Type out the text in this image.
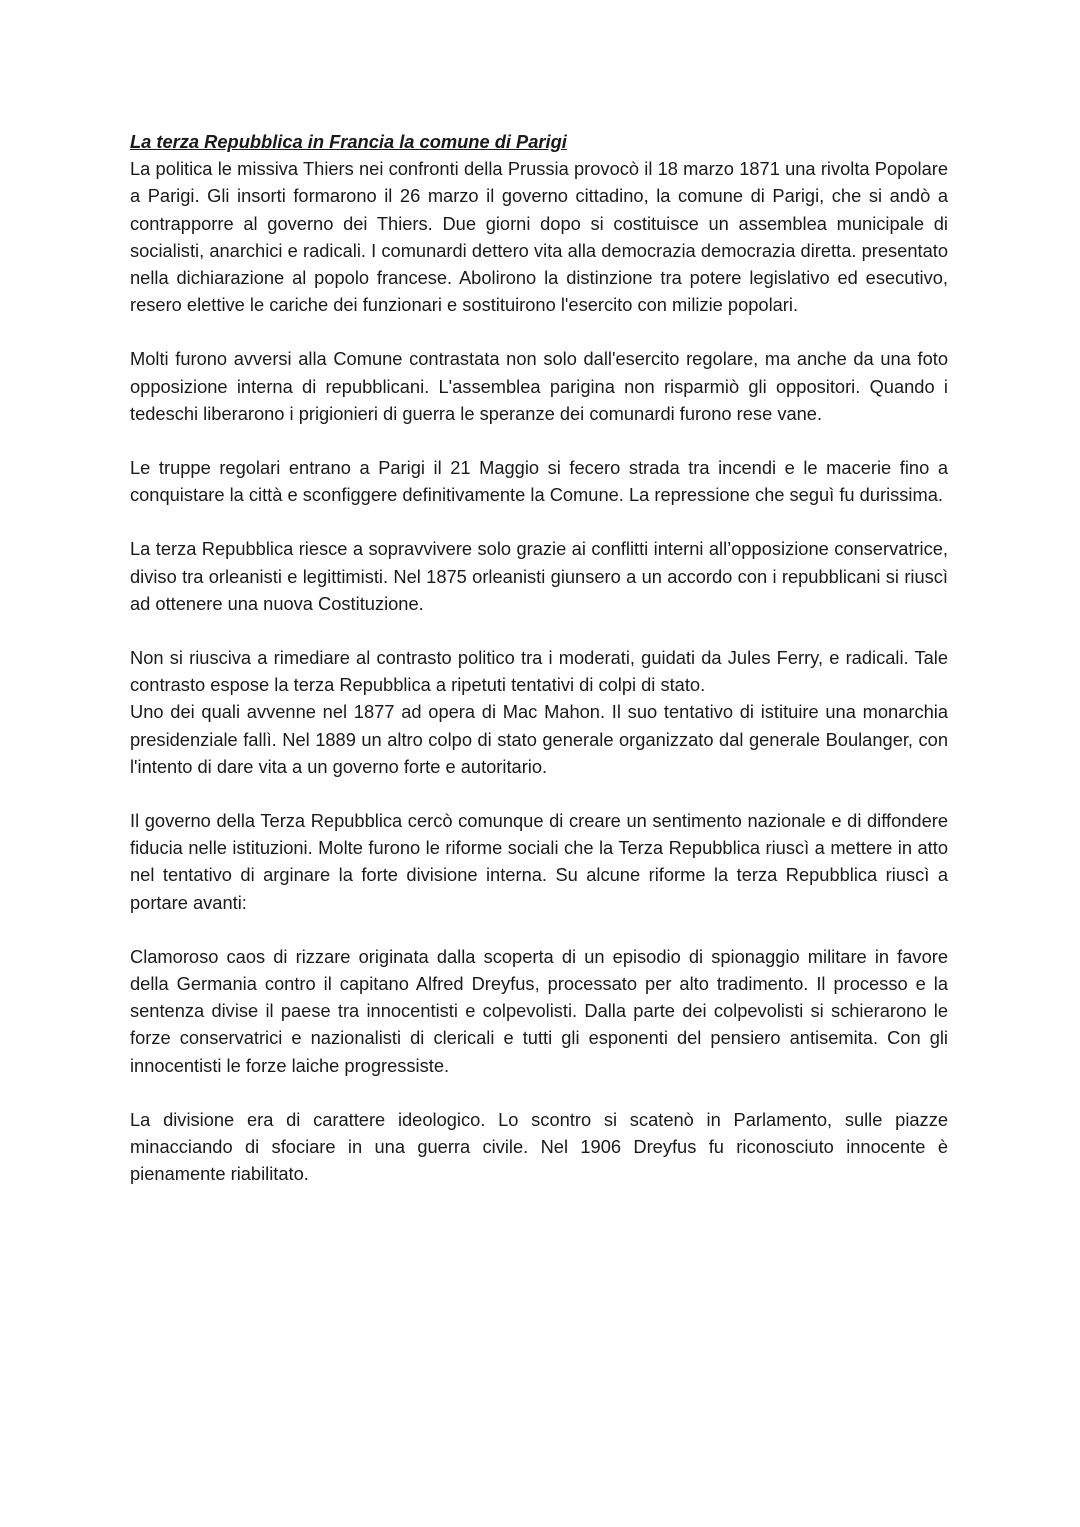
La terza Repubblica in Francia la comune di Parigi

La politica le missiva Thiers nei confronti della Prussia provocò il 18 marzo 1871 una rivolta Popolare a Parigi. Gli insorti formarono il 26 marzo il governo cittadino, la comune di Parigi, che si andò a contrapporre al governo dei Thiers. Due giorni dopo si costituisce un assemblea municipale di socialisti, anarchici e radicali. I comunardi dettero vita alla democrazia democrazia diretta. presentato nella dichiarazione al popolo francese. Abolirono la distinzione tra potere legislativo ed esecutivo, resero elettive le cariche dei funzionari e sostituirono l'esercito con milizie popolari.

Molti furono avversi alla Comune contrastata non solo dall'esercito regolare, ma anche da una foto opposizione interna di repubblicani. L'assemblea parigina non risparmiò gli oppositori. Quando i tedeschi liberarono i prigionieri di guerra le speranze dei comunardi furono rese vane.

Le truppe regolari entrano a Parigi il 21 Maggio si fecero strada tra incendi e le macerie fino a conquistare la città e sconfiggere definitivamente la Comune. La repressione che seguì fu durissima.

La terza Repubblica riesce a sopravvivere solo grazie ai conflitti interni all’opposizione conservatrice, diviso tra orleanisti e legittimisti. Nel 1875 orleanisti giunsero a un accordo con i repubblicani si riuscì ad ottenere una nuova Costituzione.

Non si riusciva a rimediare al contrasto politico tra i moderati, guidati da Jules Ferry, e radicali. Tale contrasto espose la terza Repubblica a ripetuti tentativi di colpi di stato.

Uno dei quali avvenne nel 1877 ad opera di Mac Mahon. Il suo tentativo di istituire una monarchia presidenziale fallì. Nel 1889 un altro colpo di stato generale organizzato dal generale Boulanger, con l'intento di dare vita a un governo forte e autoritario.

Il governo della Terza Repubblica cercò comunque di creare un sentimento nazionale e di diffondere fiducia nelle istituzioni. Molte furono le riforme sociali che la Terza Repubblica riuscì a mettere in atto nel tentativo di arginare la forte divisione interna. Su alcune riforme la terza Repubblica riuscì a portare avanti:

Clamoroso caos di rizzare originata dalla scoperta di un episodio di spionaggio militare in favore della Germania contro il capitano Alfred Dreyfus, processato per alto tradimento. Il processo e la sentenza divise il paese tra innocentisti e colpevolisti. Dalla parte dei colpevolisti si schierarono le forze conservatrici e nazionalisti di clericali e tutti gli esponenti del pensiero antisemita. Con gli innocentisti le forze laiche progressiste.

La divisione era di carattere ideologico. Lo scontro si scatenò in Parlamento, sulle piazze minacciando di sfociare in una guerra civile. Nel 1906 Dreyfus fu riconosciuto innocente è pienamente riabilitato.
